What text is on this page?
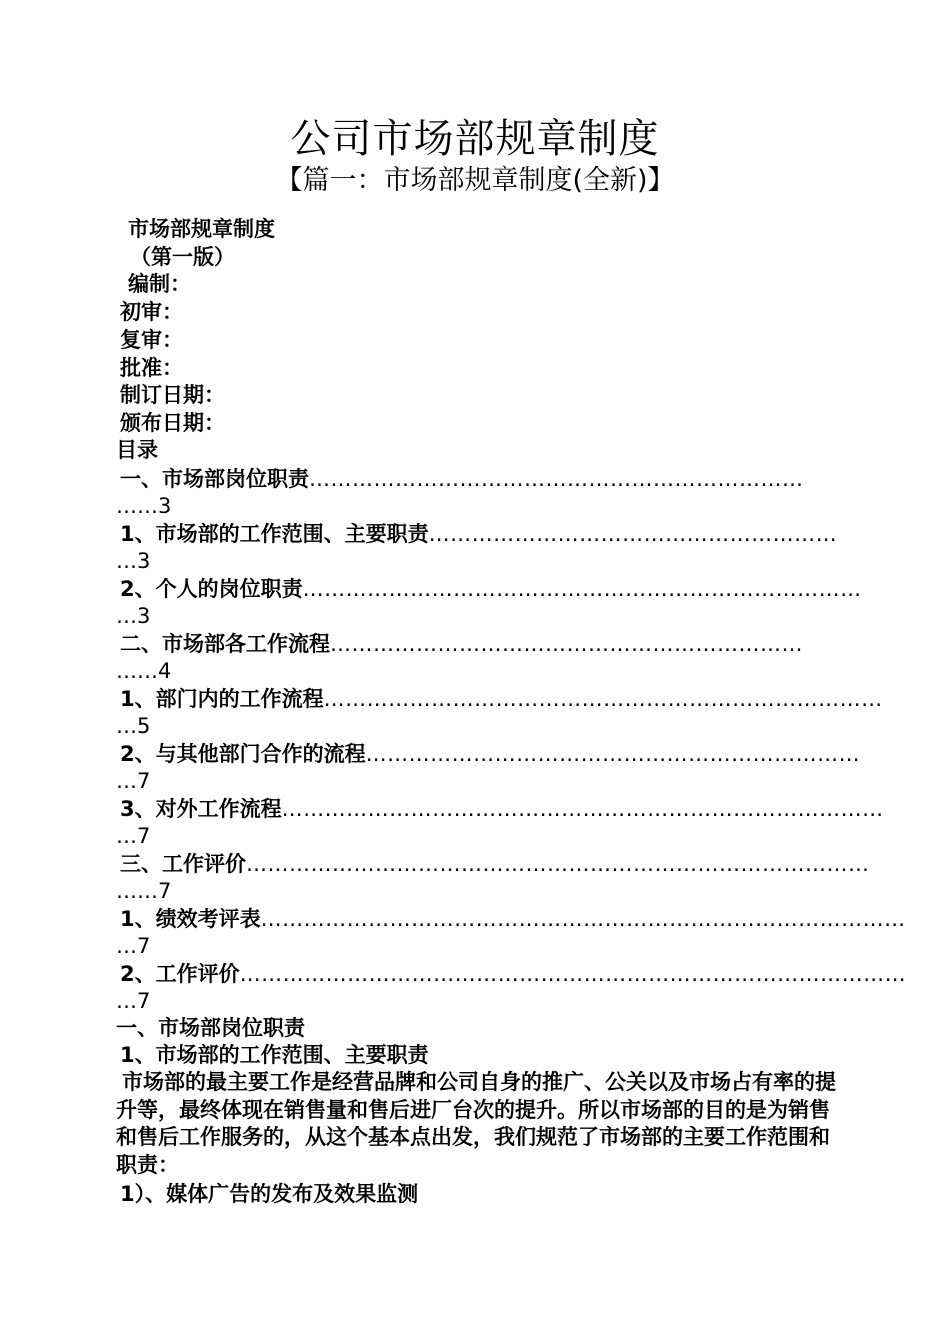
公司市场部规章制度
【篇一：市场部规章制度(全新)】
市场部规章制度
（第一版）
编制：
初审：
复审：
批准：
制订日期：
颁布日期：
目录
一、市场部岗位职责……………………………………………………………
……3
1、市场部的工作范围、主要职责…………………………………………………
…3
2、个人的岗位职责……………………………………………………………………
…3
二、市场部各工作流程…………………………………………………………
……4
1、部门内的工作流程……………………………………………………………………
…5
2、与其他部门合作的流程……………………………………………………………
…7
3、对外工作流程…………………………………………………………………………
…7
三、工作评价……………………………………………………………………………
……7
1、绩效考评表………………………………………………………………………………
…7
2、工作评价…………………………………………………………………………………
…7
一、市场部岗位职责
1、市场部的工作范围、主要职责
市场部的最主要工作是经营品牌和公司自身的推广、公关以及市场占有率的提升等，最终体现在销售量和售后进厂台次的提升。所以市场部的目的是为销售和售后工作服务的，从这个基本点出发，我们规范了市场部的主要工作范围和职责：
1）、媒体广告的发布及效果监测
